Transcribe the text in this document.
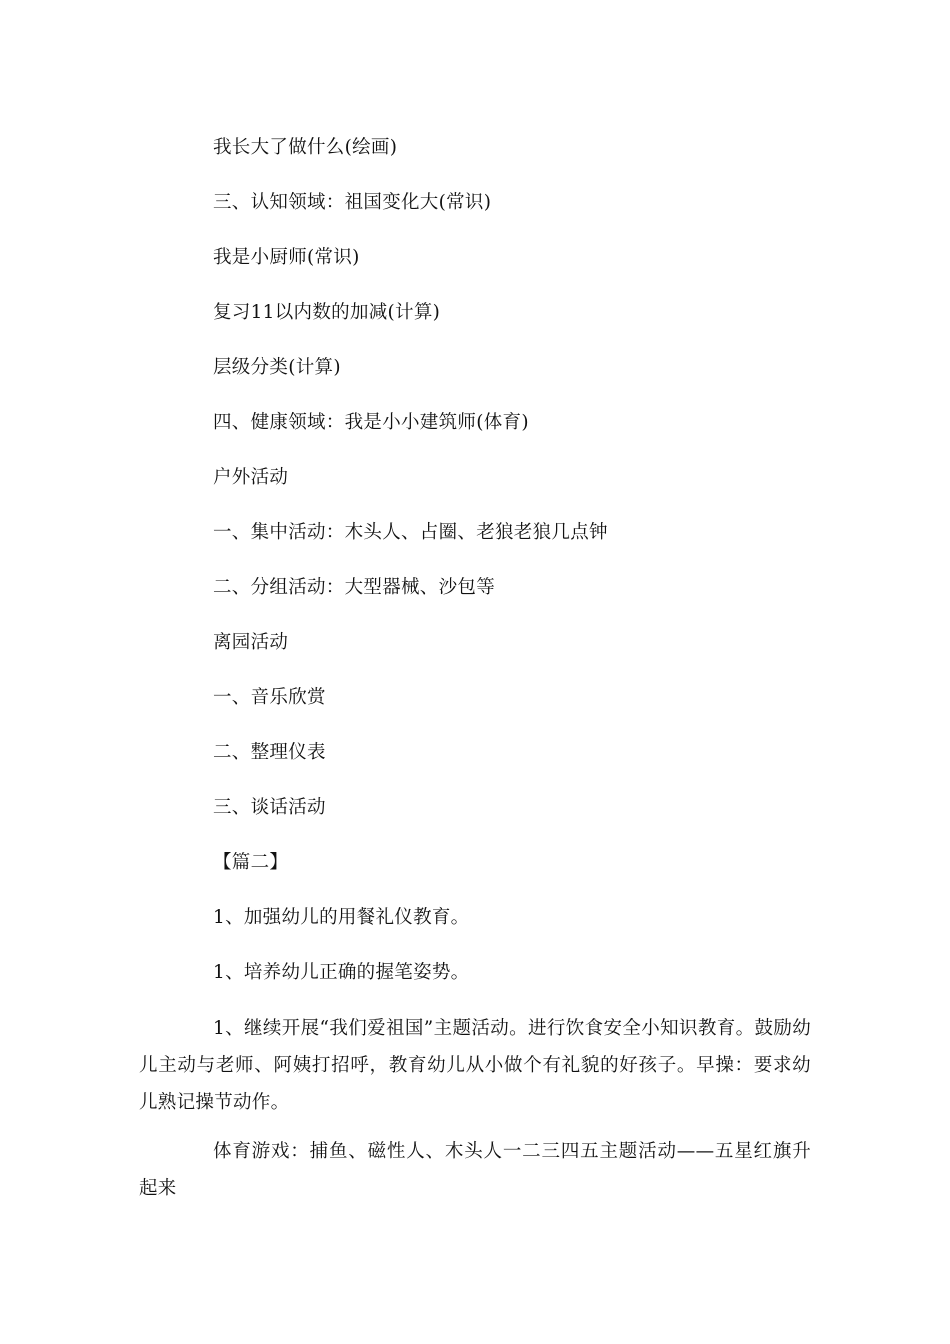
我长大了做什么(绘画)
三、认知领域：祖国变化大(常识)
我是小厨师(常识)
复习11以内数的加减(计算)
层级分类(计算)
四、健康领域：我是小小建筑师(体育)
户外活动
一、集中活动：木头人、占圈、老狼老狼几点钟
二、分组活动：大型器械、沙包等
离园活动
一、音乐欣赏
二、整理仪表
三、谈话活动
【篇二】
1、加强幼儿的用餐礼仪教育。
1、培养幼儿正确的握笔姿势。
1、继续开展“我们爱祖国”主题活动。进行饮食安全小知识教育。鼓励幼儿主动与老师、阿姨打招呼，教育幼儿从小做个有礼貌的好孩子。早操：要求幼儿熟记操节动作。
体育游戏：捕鱼、磁性人、木头人一二三四五主题活动——五星红旗升起来
